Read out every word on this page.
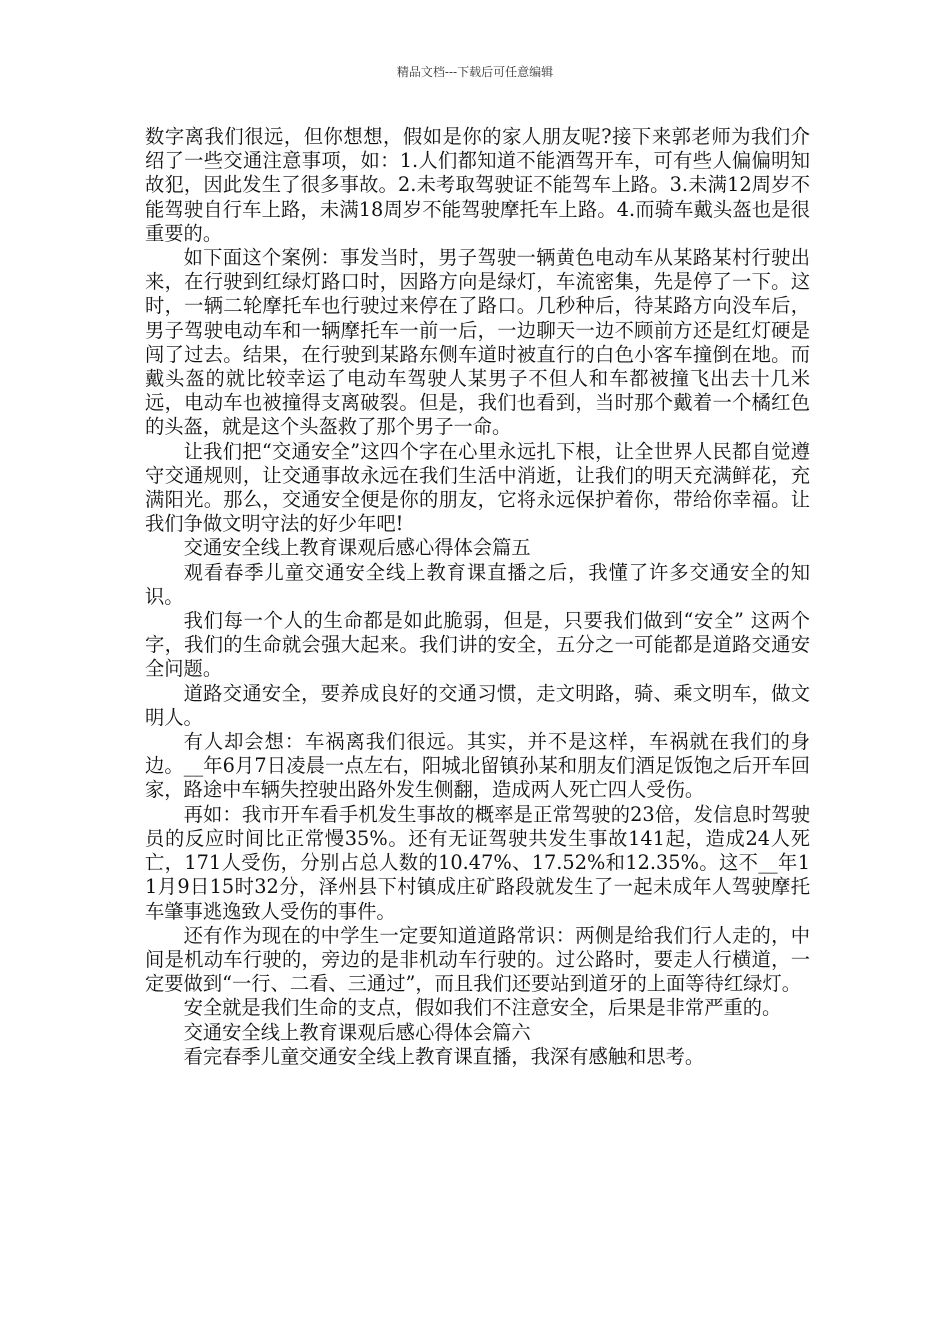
精品文档---下载后可任意编辑

数字离我们很远，但你想想，假如是你的家人朋友呢?接下来郭老师为我们介绍了一些交通注意事项，如：1.人们都知道不能酒驾开车，可有些人偏偏明知故犯，因此发生了很多事故。2.未考取驾驶证不能驾车上路。3.未满12周岁不能驾驶自行车上路，未满18周岁不能驾驶摩托车上路。4.而骑车戴头盔也是很重要的。

如下面这个案例：事发当时，男子驾驶一辆黄色电动车从某路某村行驶出来，在行驶到红绿灯路口时，因路方向是绿灯，车流密集，先是停了一下。这时，一辆二轮摩托车也行驶过来停在了路口。几秒种后，待某路方向没车后，男子驾驶电动车和一辆摩托车一前一后，一边聊天一边不顾前方还是红灯硬是闯了过去。结果，在行驶到某路东侧车道时被直行的白色小客车撞倒在地。而戴头盔的就比较幸运了电动车驾驶人某男子不但人和车都被撞飞出去十几米远，电动车也被撞得支离破裂。但是，我们也看到，当时那个戴着一个橘红色的头盔，就是这个头盔救了那个男子一命。

让我们把“交通安全”这四个字在心里永远扎下根，让全世界人民都自觉遵守交通规则，让交通事故永远在我们生活中消逝，让我们的明天充满鲜花，充满阳光。那么，交通安全便是你的朋友，它将永远保护着你，带给你幸福。让我们争做文明守法的好少年吧!

交通安全线上教育课观后感心得体会篇五

观看春季儿童交通安全线上教育课直播之后，我懂了许多交通安全的知识。

我们每一个人的生命都是如此脆弱，但是，只要我们做到“安全” 这两个字，我们的生命就会强大起来。我们讲的安全，五分之一可能都是道路交通安全问题。

道路交通安全，要养成良好的交通习惯，走文明路，骑、乘文明车，做文明人。

有人却会想：车祸离我们很远。其实，并不是这样，车祸就在我们的身边。__年6月7日凌晨一点左右，阳城北留镇孙某和朋友们酒足饭饱之后开车回家，路途中车辆失控驶出路外发生侧翻，造成两人死亡四人受伤。

再如：我市开车看手机发生事故的概率是正常驾驶的23倍，发信息时驾驶员的反应时间比正常慢35%。还有无证驾驶共发生事故141起，造成24人死亡，171人受伤，分别占总人数的10.47%、17.52%和12.35%。这不__年11月9日15时32分，泽州县下村镇成庄矿路段就发生了一起未成年人驾驶摩托车肇事逃逸致人受伤的事件。

还有作为现在的中学生一定要知道道路常识：两侧是给我们行人走的，中间是机动车行驶的，旁边的是非机动车行驶的。过公路时，要走人行横道，一定要做到“一行、二看、三通过”，而且我们还要站到道牙的上面等待红绿灯。

安全就是我们生命的支点，假如我们不注意安全，后果是非常严重的。

交通安全线上教育课观后感心得体会篇六

看完春季儿童交通安全线上教育课直播，我深有感触和思考。
